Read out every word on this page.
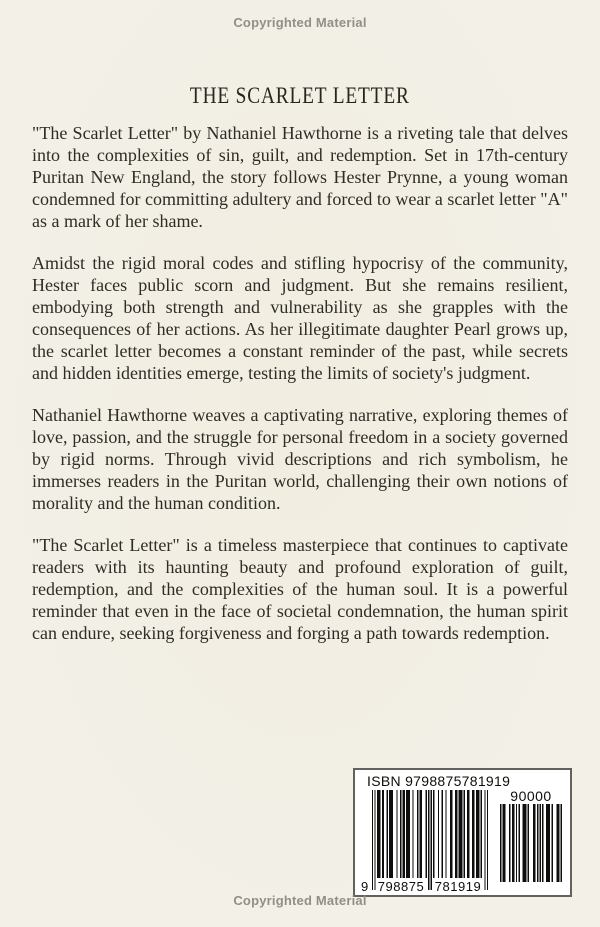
Copyrighted Material
THE SCARLET LETTER

"The Scarlet Letter" by Nathaniel Hawthorne is a riveting tale that delves into the complexities of sin, guilt, and redemption. Set in 17th-century Puritan New England, the story follows Hester Prynne, a young woman condemned for committing adultery and forced to wear a scarlet letter "A" as a mark of her shame.

Amidst the rigid moral codes and stifling hypocrisy of the community, Hester faces public scorn and judgment. But she remains resilient, embodying both strength and vulnerability as she grapples with the consequences of her actions. As her illegitimate daughter Pearl grows up, the scarlet letter becomes a constant reminder of the past, while secrets and hidden identities emerge, testing the limits of society's judgment.

Nathaniel Hawthorne weaves a captivating narrative, exploring themes of love, passion, and the struggle for personal freedom in a society governed by rigid norms. Through vivid descriptions and rich symbolism, he immerses readers in the Puritan world, challenging their own notions of morality and the human condition.

"The Scarlet Letter" is a timeless masterpiece that continues to captivate readers with its haunting beauty and profound exploration of guilt, redemption, and the complexities of the human soul. It is a powerful reminder that even in the face of societal condemnation, the human spirit can endure, seeking forgiveness and forging a path towards redemption.

ISBN 9798875781919
9 798875 781919
90000
Copyrighted Material
